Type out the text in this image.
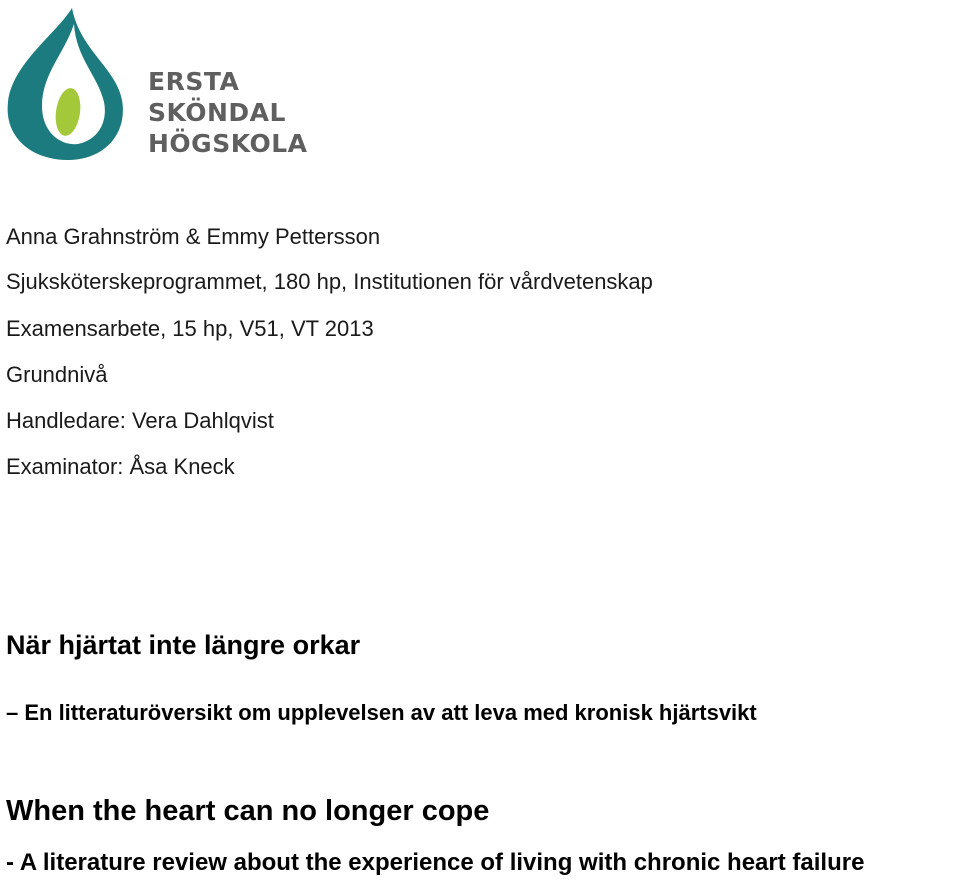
ERSTA
SKÖNDAL
HÖGSKOLA
Anna Grahnström & Emmy Pettersson
Sjuksköterskeprogrammet, 180 hp, Institutionen för vårdvetenskap
Examensarbete, 15 hp, V51, VT 2013
Grundnivå
Handledare: Vera Dahlqvist
Examinator: Åsa Kneck
När hjärtat inte längre orkar
– En litteraturöversikt om upplevelsen av att leva med kronisk hjärtsvikt
When the heart can no longer cope
- A literature review about the experience of living with chronic heart failure
